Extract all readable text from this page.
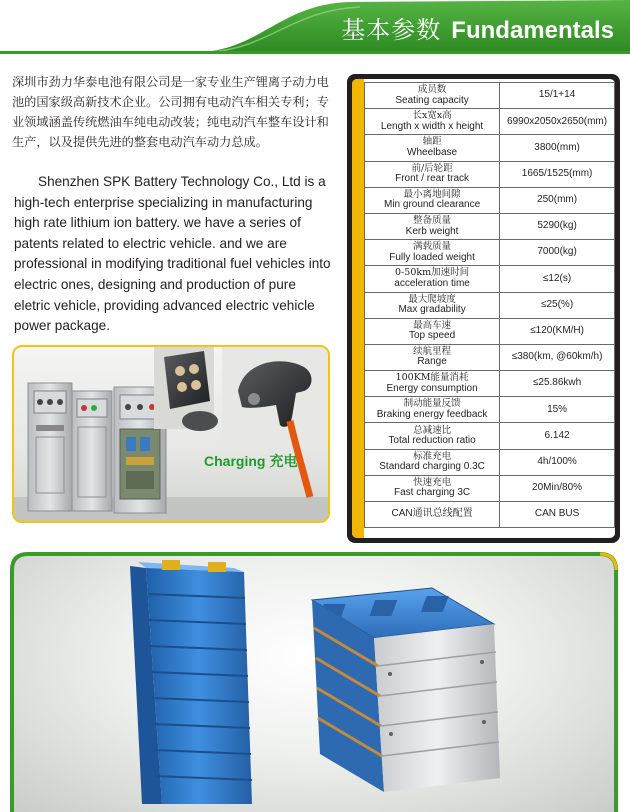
基本参数 Fundamentals

深圳市劲力华泰电池有限公司是一家专业生产锂离子动力电池的国家级高新技术企业。公司拥有电动汽车相关专利；专业领域涵盖传统燃油车纯电动改装；纯电动汽车整车设计和生产，以及提供先进的整套电动汽车动力总成。

Shenzhen SPK Battery Technology Co., Ltd is a high-tech enterprise specializing in manufacturing high rate lithium ion battery. we have a series of patents related to electric vehicle. and we are professional in modifying traditional fuel vehicles into electric ones, designing and production of pure eletric vehicle, providing advanced electric vehicle power package.

Charging 充电
成员数
Seating capacity	15/1+14

长x宽x高
Length x width x height	6990x2050x2650(mm)

轴距
Wheelbase	3800(mm)

前/后轮距
Front / rear track	1665/1525(mm)

最小离地间隙
Min ground clearance	250(mm)

整备质量
Kerb weight	5290(kg)

满载质量
Fully loaded weight	7000(kg)

0-50km加速时间
acceleration time	≤12(s)

最大爬坡度
Max gradability	≤25(%)

最高车速
Top speed	≤120(KM/H)

续航里程
Range	≤380(km, @60km/h)

100KM能量消耗
Energy consumption	≤25.86kwh

制动能量反馈
Braking energy feedback	15%

总减速比
Total reduction ratio	6.142

标准充电
Standard charging 0.3C	4h/100%

快速充电
Fast charging 3C	20Min/80%
CAN通讯总线配置	CAN BUS
